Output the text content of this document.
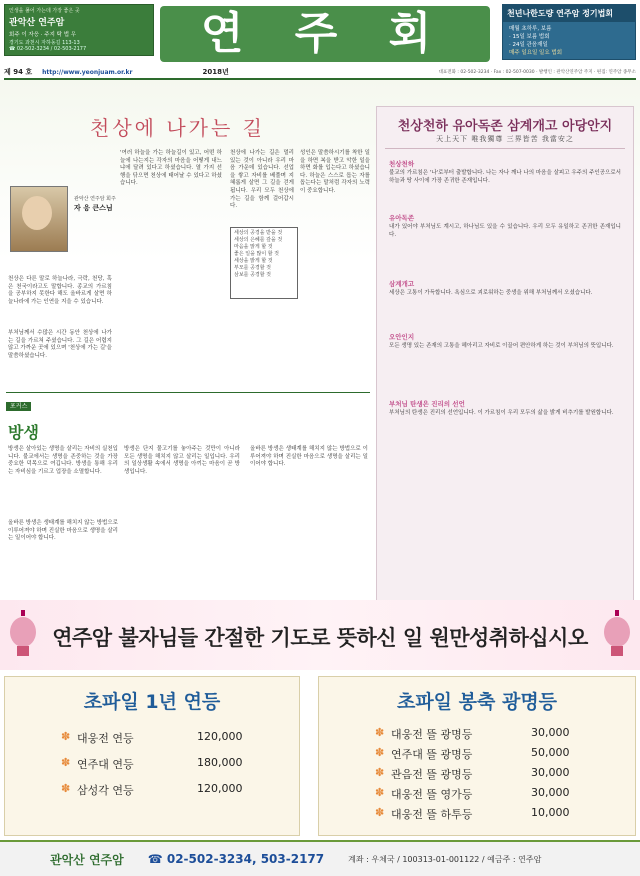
인생을 풀어 가는데 가장 좋은 곳
관악산 연주암
회주 이 자응 · 주지 탁 법 우
경기도 과천시 자하동길 113-13
☎ 02-502-3234 / 02-503-2177	연 주 회	천년나한도량 연주암 정기법회
매월 초하루, 보름
· 15일 보름 법회
· 24일 관음재일
매주 일요일 일요 법회
제 94 호 http://www.yeonjuam.or.kr	2018년	대표전화 : 02-502-3234 · Fax : 02-507-0030 · 발행인 : 관악산연주암 주지 · 편집: 연주암 종무소
천상에 나가는 길
관악산 연주암 회주
자 응 큰스님
천상은 다른 말로 하늘나라, 극락, 천당, 혹은 천국이라고도 말합니다. 종교의 가르침을 공부하지 못한다 해도 올바르게 살면 하늘나라에 가는 인연을 지을 수 있습니다.
부처님께서 수많은 시간 동안 천상에 나가는 길을 가르쳐 주셨습니다. 그 길은 어렵지 않고 가까운 곳에 있으며 '천상에 가는 길'을 말씀하셨습니다.
'여러 하늘을 가는 하늘길이 있고, 어떤 하늘에 나는지는 각자의 마음을 어떻게 내느냐에 달려 있다고 하셨습니다. 열 가지 선행을 닦으면 천상에 태어날 수 있다고 하셨습니다.
세상의 공경을 받을 것
세상의 은혜를 갚을 것
마음을 맑게 할 것
좋은 일을 많이 할 것
세상을 밝게 할 것
부모를 공경할 것
삼보를 공경할 것
천상에 나가는 길은 멀리 있는 것이 아니라 우리 마음 가운데 있습니다. 선업을 쌓고 자비를 베풀며 지혜롭게 살면 그 길을 걷게 됩니다. 우리 모두 천상에 가는 길을 함께 걸어갑시다.
성인은 말씀하시기를 착한 일을 하면 복을 받고 악한 일을 하면 화를 입는다고 하셨습니다. 하늘은 스스로 돕는 자를 돕는다는 말처럼 각자의 노력이 중요합니다.
천상천하 유아독존 삼계개고 아당안지
天上天下 唯我獨尊 三界皆苦 我當安之
천상천하
불교의 가르침은 '나'로부터 출발합니다. 나는 자나 깨나 나의 마음을 살피고 우주의 주인공으로서 하늘과 땅 사이에 가장 존귀한 존재입니다.
유아독존
내가 있어야 부처님도 계시고, 하나님도 있을 수 있습니다. 우리 모두 유일하고 존귀한 존재입니다.
삼계개고
세상은 고통이 가득합니다. 욕심으로 괴로워하는 중생을 위해 부처님께서 오셨습니다.
오안인지
모든 생명 있는 존재의 고통을 헤아리고 자비로 이끌어 편안하게 하는 것이 부처님의 뜻입니다.
부처님 탄생은 진리의 선언
부처님의 탄생은 진리의 선언입니다. 이 가르침이 우리 모두의 삶을 밝게 비추기를 발원합니다.
포커스
방생
방생은 살아있는 생명을 살리는 자비의 실천입니다. 불교에서는 생명을 존중하는 것을 가장 중요한 덕목으로 여깁니다. 방생을 통해 우리는 자비심을 기르고 업장을 소멸합니다.
올바른 방생은 생태계를 해치지 않는 방법으로 이루어져야 하며 진실한 마음으로 생명을 살리는 일이어야 합니다.
방생은 단지 물고기를 놓아주는 것만이 아니라 모든 생명을 해치지 않고 살리는 일입니다. 우리의 일상생활 속에서 생명을 아끼는 마음이 곧 방생입니다.
올바른 방생은 생태계를 해치지 않는 방법으로 이루어져야 하며 진실한 마음으로 생명을 살리는 일이어야 합니다.
연주암 불자님들 간절한 기도로 뜻하신 일 원만성취하십시오
초파일 1년 연등
✽ 대웅전 연등	120,000
✽ 연주대 연등	180,000
✽ 삼성각 연등	120,000
초파일 봉축 광명등
✽ 대웅전 뜰 광명등	30,000
✽ 연주대 뜰 광명등	50,000
✽ 관음전 뜰 광명등	30,000
✽ 대웅전 뜰 영가등	30,000
✽ 대웅전 뜰 하투등	10,000
관악산 연주암 ☎ 02-502-3234, 503-2177	계좌 : 우체국 / 100313-01-001122 / 예금주 : 연주암
